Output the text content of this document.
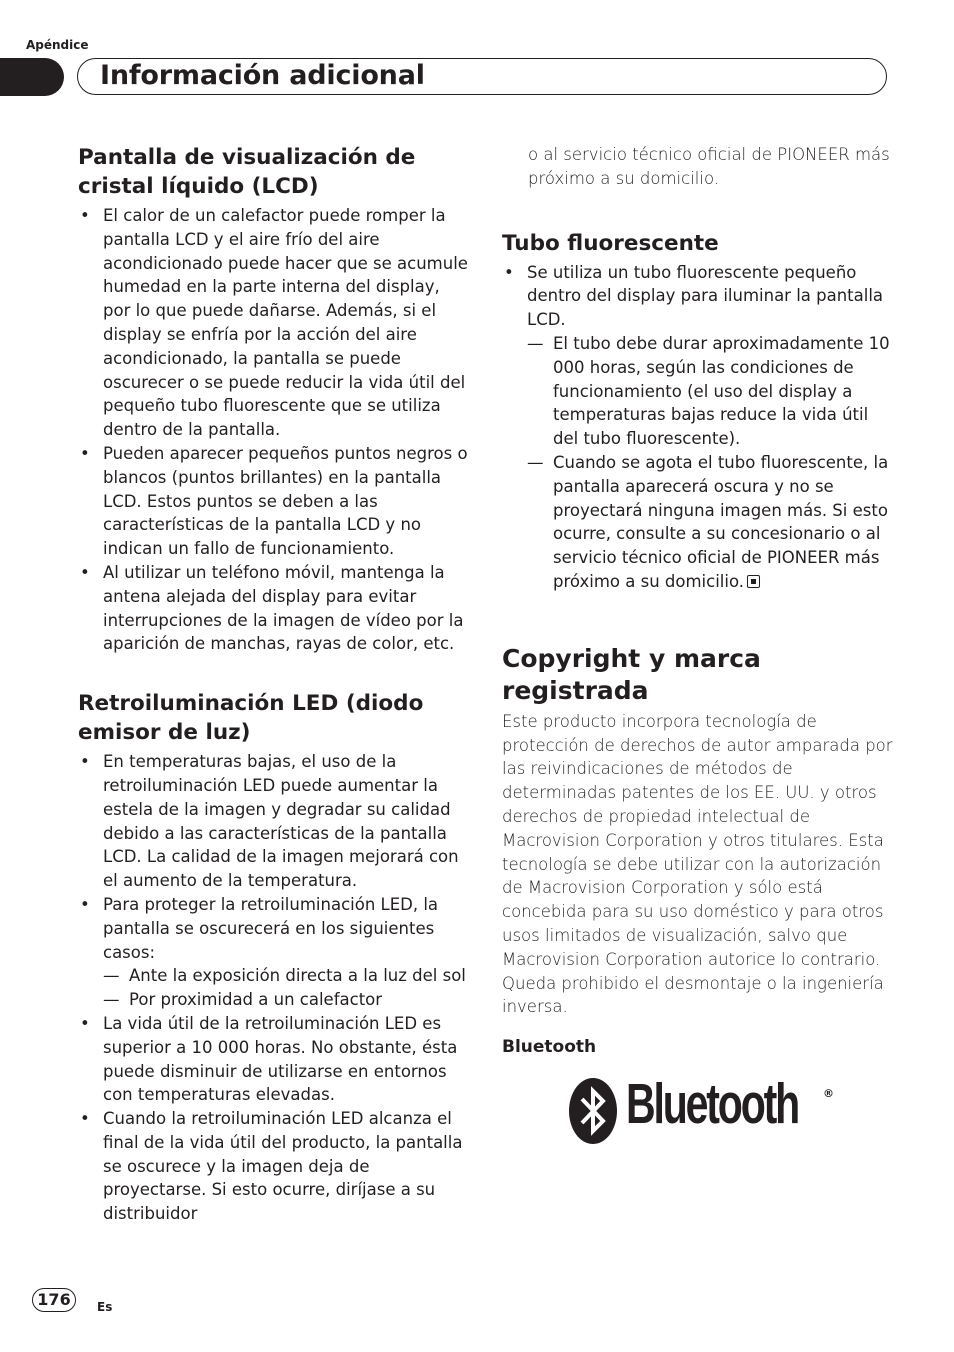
Apéndice
Información adicional
Pantalla de visualización de
cristal líquido (LCD)
• El calor de un calefactor puede romper la pantalla LCD y el aire frío del aire acondicionado puede hacer que se acumule humedad en la parte interna del display, por lo que puede dañarse. Además, si el display se enfría por la acción del aire acondicionado, la pantalla se puede oscurecer o se puede reducir la vida útil del pequeño tubo fluorescente que se utiliza dentro de la pantalla.
• Pueden aparecer pequeños puntos negros o blancos (puntos brillantes) en la pantalla LCD. Estos puntos se deben a las características de la pantalla LCD y no indican un fallo de funcionamiento.
• Al utilizar un teléfono móvil, mantenga la antena alejada del display para evitar interrupciones de la imagen de vídeo por la aparición de manchas, rayas de color, etc.
Retroiluminación LED (diodo
emisor de luz)
• En temperaturas bajas, el uso de la retroiluminación LED puede aumentar la estela de la imagen y degradar su calidad debido a las características de la pantalla LCD. La calidad de la imagen mejorará con el aumento de la temperatura.
• Para proteger la retroiluminación LED, la pantalla se oscurecerá en los siguientes casos:
— Ante la exposición directa a la luz del sol
— Por proximidad a un calefactor
• La vida útil de la retroiluminación LED es superior a 10 000 horas. No obstante, ésta puede disminuir de utilizarse en entornos con temperaturas elevadas.
• Cuando la retroiluminación LED alcanza el final de la vida útil del producto, la pantalla se oscurece y la imagen deja de proyectarse. Si esto ocurre, diríjase a su distribuidor

o al servicio técnico oficial de PIONEER más próximo a su domicilio.

Tubo fluorescente
• Se utiliza un tubo fluorescente pequeño dentro del display para iluminar la pantalla LCD.
— El tubo debe durar aproximadamente 10 000 horas, según las condiciones de funcionamiento (el uso del display a temperaturas bajas reduce la vida útil del tubo fluorescente).
— Cuando se agota el tubo fluorescente, la pantalla aparecerá oscura y no se proyectará ninguna imagen más. Si esto ocurre, consulte a su concesionario o al servicio técnico oficial de PIONEER más próximo a su domicilio.
Copyright y marca registrada

Este producto incorpora tecnología de protección de derechos de autor amparada por las reivindicaciones de métodos de determinadas patentes de los EE. UU. y otros derechos de propiedad intelectual de Macrovision Corporation y otros titulares. Esta tecnología se debe utilizar con la autorización de Macrovision Corporation y sólo está concebida para su uso doméstico y para otros usos limitados de visualización, salvo que Macrovision Corporation autorice lo contrario. Queda prohibido el desmontaje o la ingeniería inversa.

Bluetooth
Bluetooth ®
176	Es
